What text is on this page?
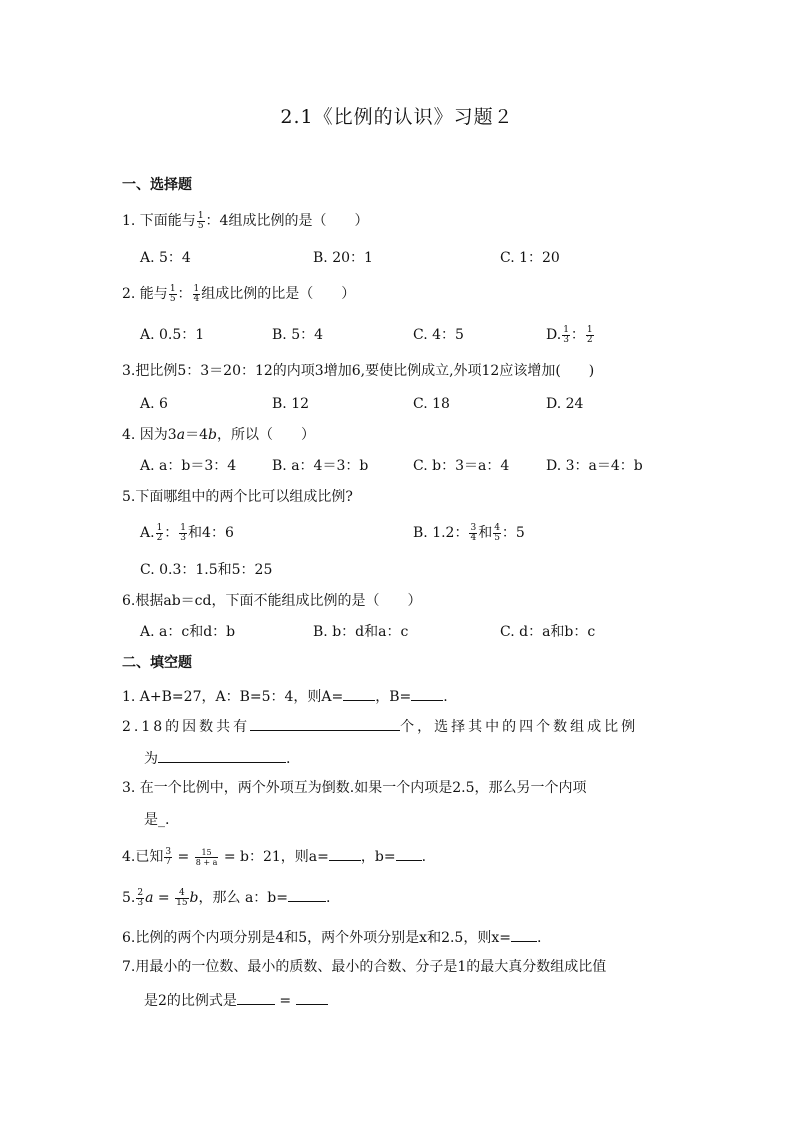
2.1《比例的认识》习题２
一、选择题
1. 下面能与 $\frac{1}{5}$ ：4组成比例的是（　　）
A. 5：4	B. 20：1	C. 1：20
2. 能与 $\frac{1}{5}$ ： $\frac{1}{4}$ 组成比例的比是（　　）
A. 0.5：1	B. 5：4	C. 4：5	D. $\frac{1}{3}$ ： $\frac{1}{2}$
3.把比例5：3＝20：12的内项3增加6,要使比例成立,外项12应该增加(　　)
A. 6	B. 12	C. 18	D. 24
4. 因为3a＝4b，所以（　　）
A. a：b＝3：4	B. a：4＝3：b	C. b：3＝a：4	D. 3：a＝4：b
5.下面哪组中的两个比可以组成比例?
A. $\frac{1}{2}$ ： $\frac{1}{3}$ 和4：6	B. 1.2： $\frac{3}{4}$ 和 $\frac{4}{5}$ ：5
C. 0.3：1.5和5：25
6.根据ab＝cd，下面不能组成比例的是（　　）
A. a：c和d：b	B. b：d和a：c	C. d：a和b：c
二、填空题
1. A+B=27，A：B=5：4，则A= ，B= .
2.18的因数共有	个，选择其中的四个数组成比例
为	.
3. 在一个比例中，两个外项互为倒数.如果一个内项是2.5，那么另一个内项
是_.
4.已知 $\frac{3}{7} = \frac{15}{8 + a} = b$：21，则a= ，b= .
5. $\frac{2}{3}$ $a = \frac{4}{15}$ b，那么 a：b=	.
6.比例的两个内项分别是4和5，两个外项分别是x和2.5，则x= .
7.用最小的一位数、最小的质数、最小的合数、分子是1的最大真分数组成比值
是2的比例式是	=
